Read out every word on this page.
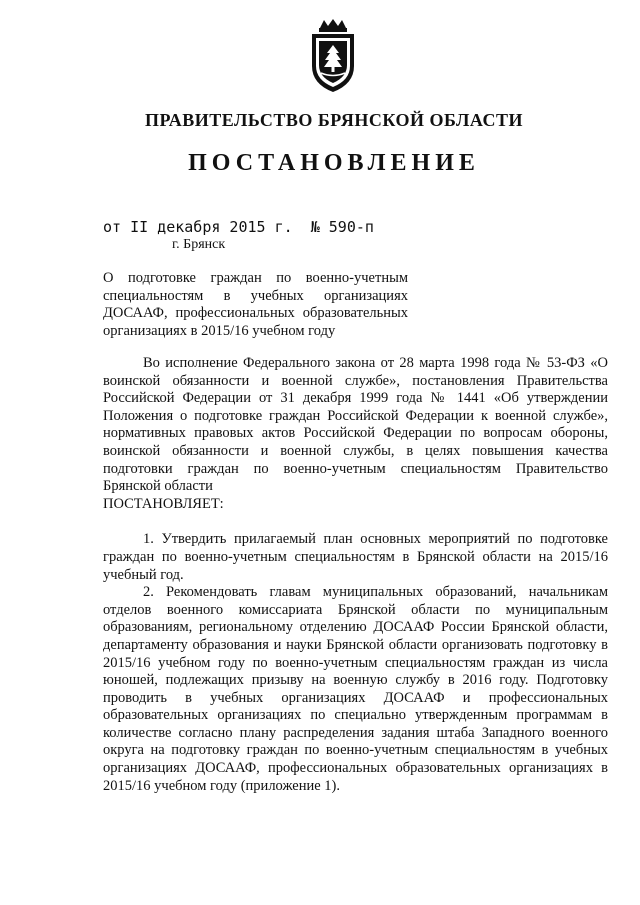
ПРАВИТЕЛЬСТВО БРЯНСКОЙ ОБЛАСТИ
ПОСТАНОВЛЕНИЕ
от II декабря 2015 г.  № 590-п
г. Брянск
О подготовке граждан по военно-учетным специальностям в учебных организациях ДОСААФ, профессиональных образовательных организациях в 2015/16 учебном году

Во исполнение Федерального закона от 28 марта 1998 года № 53-ФЗ «О воинской обязанности и военной службе», постановления Правительства Российской Федерации от 31 декабря 1999 года № 1441 «Об утверждении Положения о подготовке граждан Российской Федерации к военной службе», нормативных правовых актов Российской Федерации по вопросам обороны, воинской обязанности и военной службы, в целях повышения качества подготовки граждан по военно-учетным специальностям Правительство Брянской области

ПОСТАНОВЛЯЕТ:

1. Утвердить прилагаемый план основных мероприятий по подготовке граждан по военно-учетным специальностям в Брянской области на 2015/16 учебный год.

2. Рекомендовать главам муниципальных образований, начальникам отделов военного комиссариата Брянской области по муниципальным образованиям, региональному отделению ДОСААФ России Брянской области, департаменту образования и науки Брянской области организовать подготовку в 2015/16 учебном году по военно-учетным специальностям граждан из числа юношей, подлежащих призыву на военную службу в 2016 году. Подготовку проводить в учебных организациях ДОСААФ и профессиональных образовательных организациях по специально утвержденным программам в количестве согласно плану распределения задания штаба Западного военного округа на подготовку граждан по военно-учетным специальностям в учебных организациях ДОСААФ, профессиональных образовательных организациях в 2015/16 учебном году (приложение 1).
